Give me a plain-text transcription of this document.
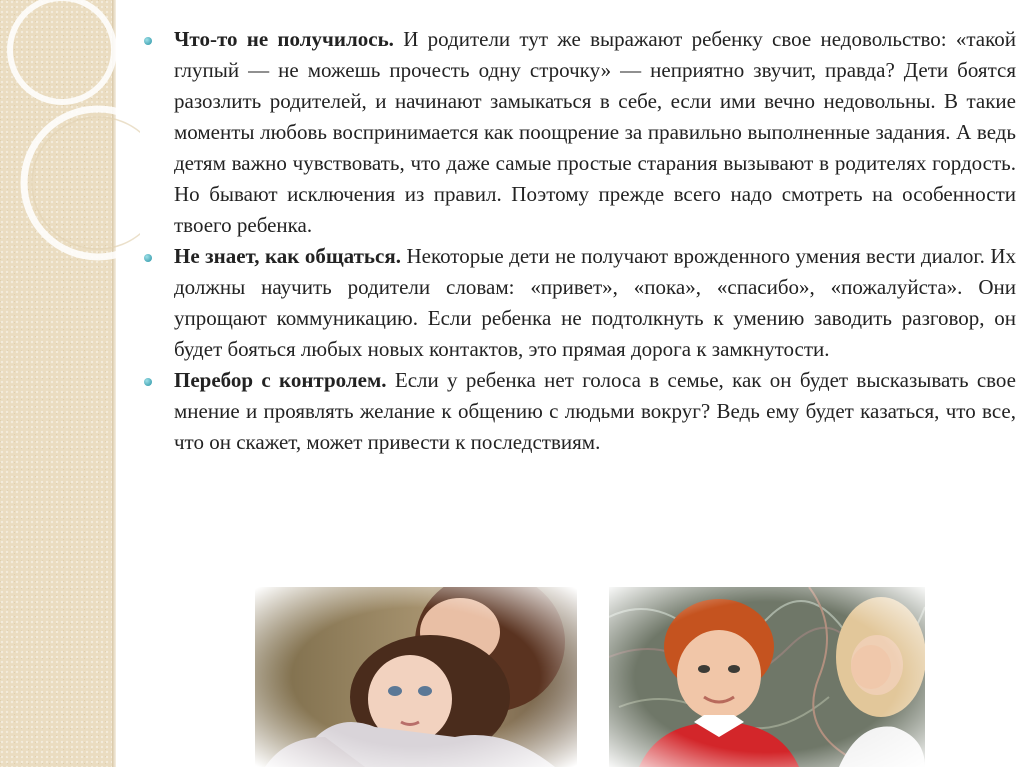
Что-то не получилось. И родители тут же выражают ребенку свое недовольство: «такой глупый — не можешь прочесть одну строчку» — неприятно звучит, правда? Дети боятся разозлить родителей, и начинают замыкаться в себе, если ими вечно недовольны. В такие моменты любовь воспринимается как поощрение за правильно выполненные задания. А ведь детям важно чувствовать, что даже самые простые старания вызывают в родителях гордость. Но бывают исключения из правил. Поэтому прежде всего надо смотреть на особенности твоего ребенка.

Не знает, как общаться. Некоторые дети не получают врожденного умения вести диалог. Их должны научить родители словам: «привет», «пока», «спасибо», «пожалуйста». Они упрощают коммуникацию. Если ребенка не подтолкнуть к умению заводить разговор, он будет бояться любых новых контактов, это прямая дорога к замкнутости.

Перебор с контролем. Если у ребенка нет голоса в семье, как он будет высказывать свое мнение и проявлять желание к общению с людьми вокруг? Ведь ему будет казаться, что все, что он скажет, может привести к последствиям.
